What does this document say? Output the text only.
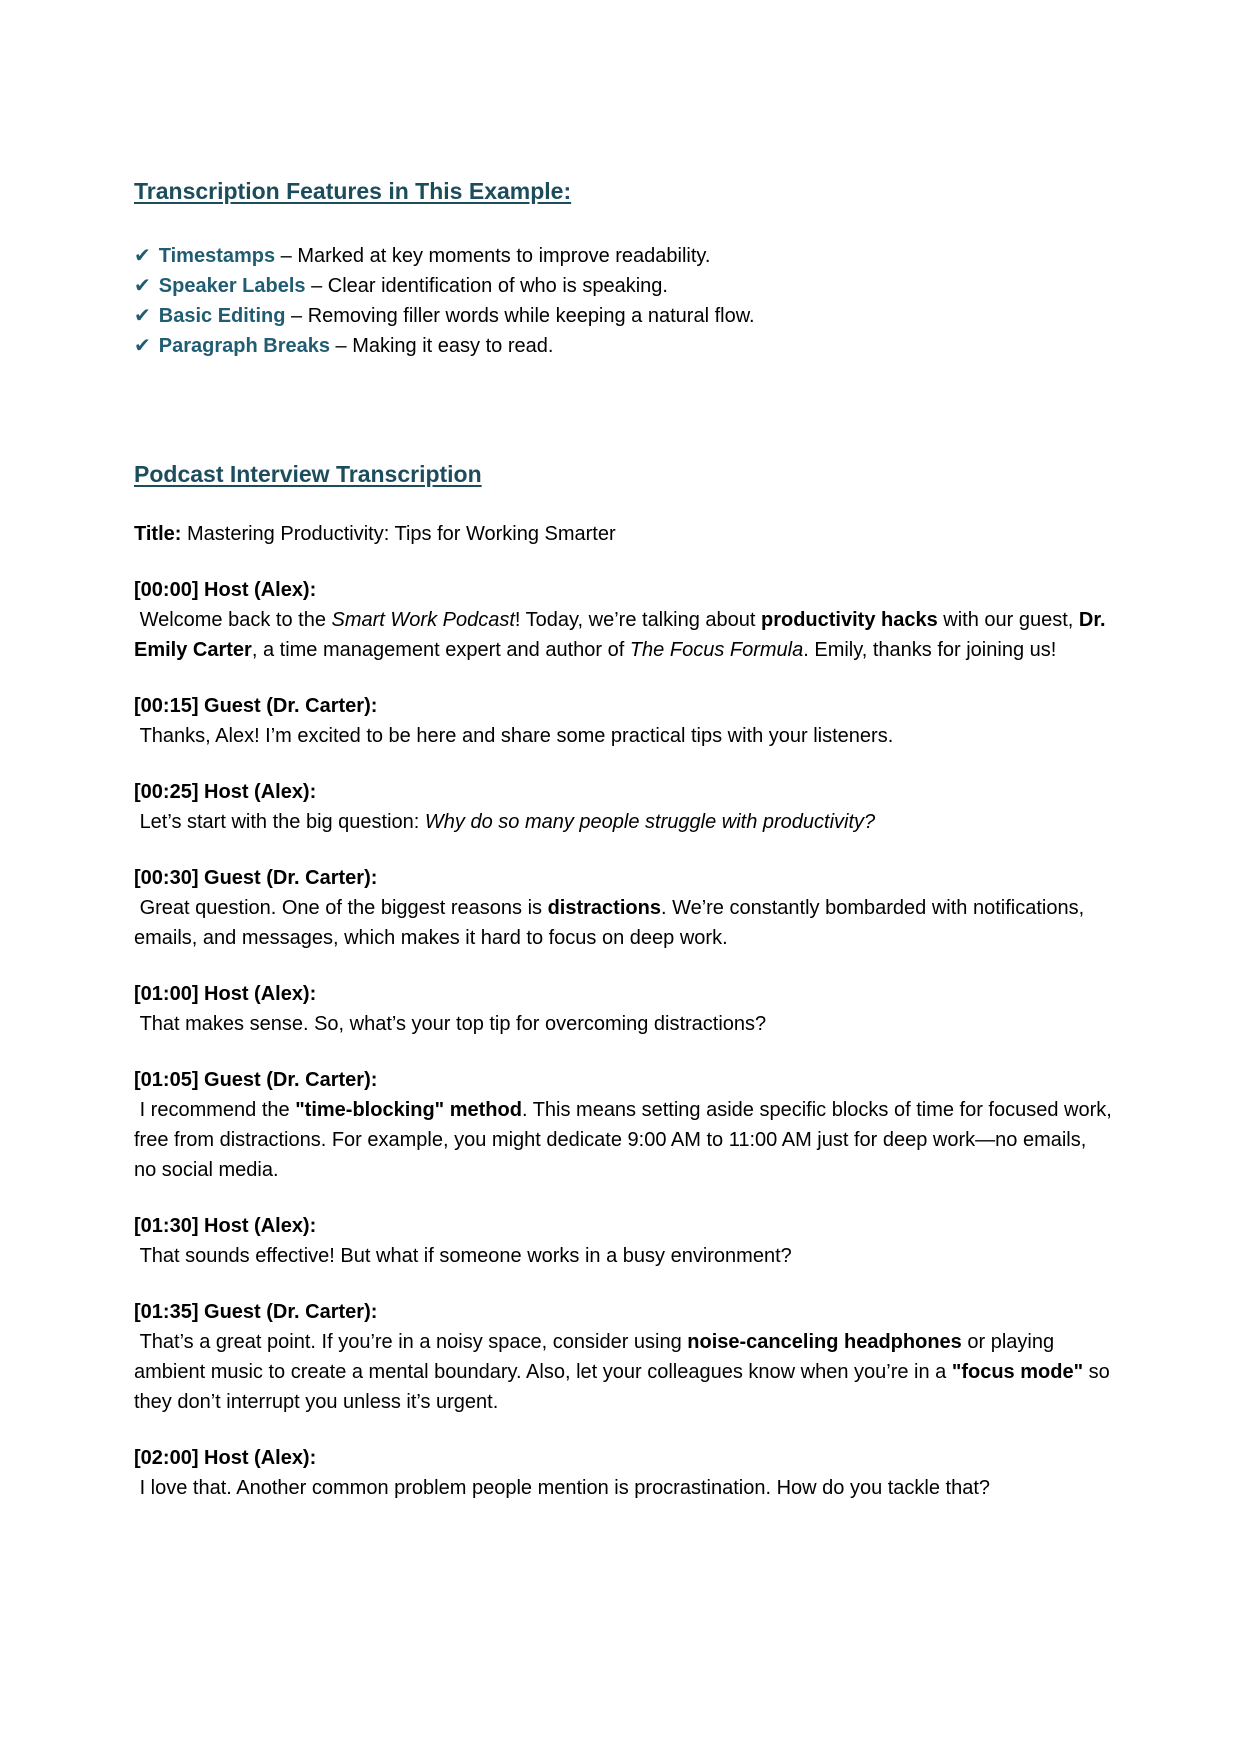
Transcription Features in This Example:
✔ Timestamps – Marked at key moments to improve readability.
✔ Speaker Labels – Clear identification of who is speaking.
✔ Basic Editing – Removing filler words while keeping a natural flow.
✔ Paragraph Breaks – Making it easy to read.
Podcast Interview Transcription

Title: Mastering Productivity: Tips for Working Smarter

[00:00] Host (Alex):

Welcome back to the Smart Work Podcast! Today, we’re talking about productivity hacks with our guest, Dr. Emily Carter, a time management expert and author of The Focus Formula. Emily, thanks for joining us!

[00:15] Guest (Dr. Carter):

Thanks, Alex! I’m excited to be here and share some practical tips with your listeners.

[00:25] Host (Alex):

Let’s start with the big question: Why do so many people struggle with productivity?

[00:30] Guest (Dr. Carter):

Great question. One of the biggest reasons is distractions. We’re constantly bombarded with notifications, emails, and messages, which makes it hard to focus on deep work.

[01:00] Host (Alex):

That makes sense. So, what’s your top tip for overcoming distractions?

[01:05] Guest (Dr. Carter):

I recommend the "time-blocking" method. This means setting aside specific blocks of time for focused work, free from distractions. For example, you might dedicate 9:00 AM to 11:00 AM just for deep work—no emails, no social media.

[01:30] Host (Alex):

That sounds effective! But what if someone works in a busy environment?

[01:35] Guest (Dr. Carter):

That’s a great point. If you’re in a noisy space, consider using noise-canceling headphones or playing ambient music to create a mental boundary. Also, let your colleagues know when you’re in a "focus mode" so they don’t interrupt you unless it’s urgent.

[02:00] Host (Alex):

I love that. Another common problem people mention is procrastination. How do you tackle that?
